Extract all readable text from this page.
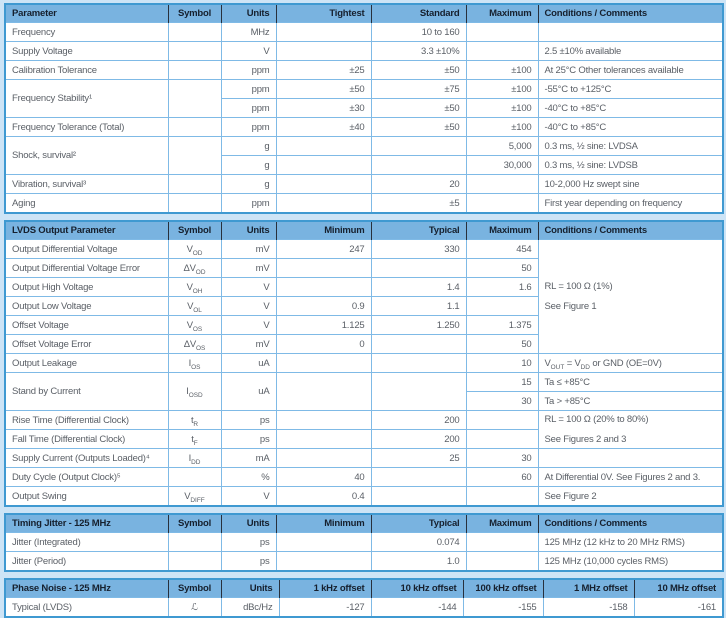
Parameter	Symbol	Units	Tightest	Standard	Maximum	Conditions / Comments
Frequency		MHz		10 to 160		
Supply Voltage		V		3.3 ±10%		2.5 ±10% available
Calibration Tolerance		ppm	±25	±50	±100	At 25°C Other tolerances available
Frequency Stability¹		ppm	±50	±75	±100	-55°C to +125°C
		ppm	±30	±50	±100	-40°C to +85°C
Frequency Tolerance (Total)		ppm	±40	±50	±100	-40°C to +85°C
Shock, survival²		g			5,000	0.3 ms, ½ sine: LVDSA
		g			30,000	0.3 ms, ½ sine: LVDSB
Vibration, survival³		g		20		10-2,000 Hz swept sine
Aging		ppm		±5		First year depending on frequency
LVDS Output Parameter	Symbol	Units	Minimum	Typical	Maximum	Conditions / Comments
Output Differential Voltage	$V_{OD}$	mV	247	330	454	RL = 100 Ω (1%)
See Figure 1

Output Differential Voltage Error	$\Delta V_{OD}$	mV			50	
Output High Voltage	$V_{OH}$	V		1.4	1.6	
Output Low Voltage	$V_{OL}$	V	0.9	1.1		
Offset Voltage	$V_{OS}$	V	1.125	1.250	1.375	
Offset Voltage Error	$\Delta V_{OS}$	mV	0		50	
Output Leakage	$I_{OS}$	uA			10	$V_{OUT} = V_{DD}$ or GND (OE=0V)
Stand by Current	$I_{OSD}$	uA			15	Ta ≤ +85°C
					30	Ta > +85°C
Rise Time (Differential Clock)	$t_R$	ps		200		RL = 100 Ω (20% to 80%)
See Figures 2 and 3

Fall Time (Differential Clock)	$t_F$	ps		200		
Supply Current (Outputs Loaded)⁴	$I_{DD}$	mA		25	30	
Duty Cycle (Output Clock)⁵		%	40		60	At Differential 0V. See Figures 2 and 3.
Output Swing	$V_{DIFF}$	V	0.4			See Figure 2
Timing Jitter - 125 MHz	Symbol	Units	Minimum	Typical	Maximum	Conditions / Comments
Jitter (Integrated)		ps		0.074		125 MHz (12 kHz to 20 MHz RMS)
Jitter (Period)		ps		1.0		125 MHz (10,000 cycles RMS)
Phase Noise - 125 MHz	Symbol	Units	1 kHz offset	10 kHz offset	100 kHz offset	1 MHz offset	10 MHz offset
Typical (LVDS)	ℒ	dBc/Hz	-127	-144	-155	-158	-161
